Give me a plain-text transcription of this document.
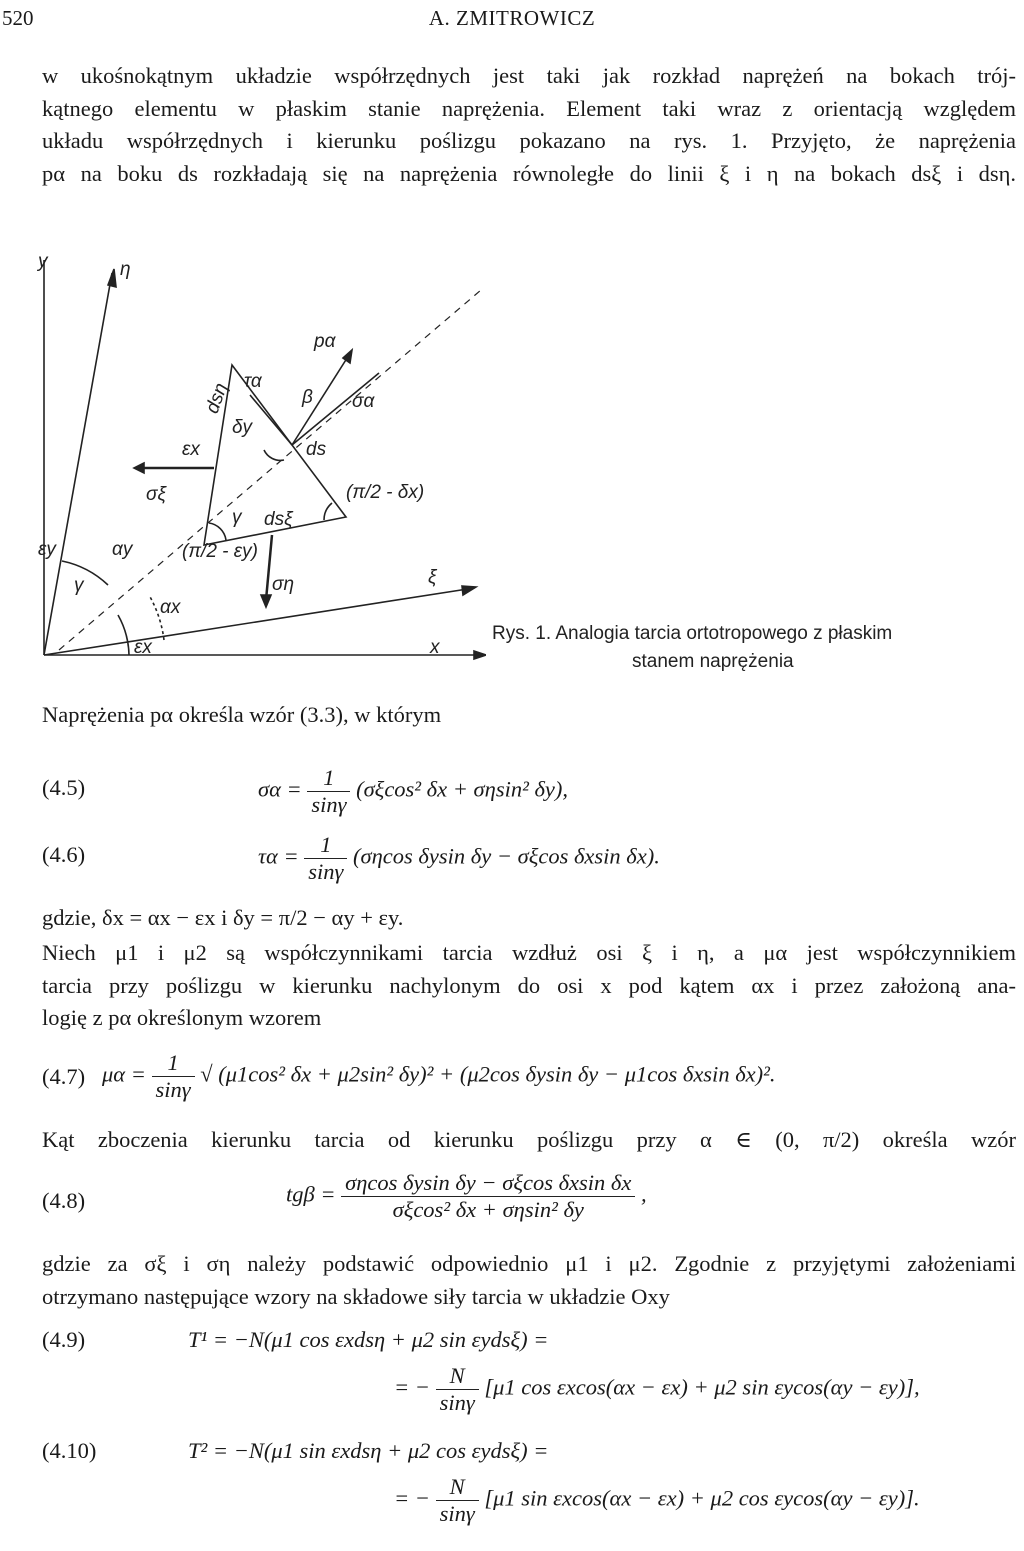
520	A. ZMITROWICZ
w ukośnokątnym układzie współrzędnych jest taki jak rozkład naprężeń na bokach trój-
kątnego elementu w płaskim stanie naprężenia. Element taki wraz z orientacją względem
układu współrzędnych i kierunku poślizgu pokazano na rys. 1. Przyjęto, że naprężenia
pα na boku ds rozkładają się na naprężenia równoległe do linii ξ i η na bokach dsξ i dsη.
y	η
pα
τα
σα
β
ds
dsη
δy
εx
σξ	(π/2 - δx)
γ dsξ
εy	αy
γ
(π/2 - εy)
ση	ξ
αx
εx	x
Rys. 1. Analogia tarcia ortotropowego z płaskim
stanem naprężenia
Naprężenia pα określa wzór (3.3), w którym
(4.5)	$\sigma\alpha = \frac{1}{\sin\gamma} (\sigma\xi\cos^2$ δx + σηsin² δy),
(4.6)	$\tau\alpha = \frac{1}{\sin\gamma} (\sigma\eta\cos$ δysin δy − σξcos δxsin δx).
gdzie, δx = αx − εx i δy = π/2 − αy + εy.
Niech μ1 i μ2 są współczynnikami tarcia wzdłuż osi ξ i η, a μα jest współczynnikiem
tarcia przy poślizgu w kierunku nachylonym do osi x pod kątem αx i przez założoną ana-
logię z pα określonym wzorem
(4.7) $\mu\alpha = \frac{1}{\sin\gamma}$ √ (μ1cos² δx + μ2sin² δy)² + (μ2cos δysin δy − μ1cos δxsin δx)².
Kąt zboczenia kierunku tarcia od kierunku poślizgu przy α ∈ (0, π/2) określa wzór
(4.8)	$tg\beta = \frac{\text{σηcos δysin δy − σξcos δxsin δx}}{\text{σξcos² δx + σηsin² δy}}$ ,
gdzie za σξ i ση należy podstawić odpowiednio μ1 i μ2. Zgodnie z przyjętymi założeniami
otrzymano następujące wzory na składowe siły tarcia w układzie Oxy
(4.9)	T¹ = −N(μ1 cos εxdsη + μ2 sin εydsξ) =
= − $\frac{N}{\sin\gamma} [\mu 1$ cos εxcos(αx − εx) + μ2 sin εycos(αy − εy)],
(4.10)	T² = −N(μ1 sin εxdsη + μ2 cos εydsξ) =
= − $\frac{N}{\sin\gamma} [\mu 1$ sin εxcos(αx − εx) + μ2 cos εycos(αy − εy)].
